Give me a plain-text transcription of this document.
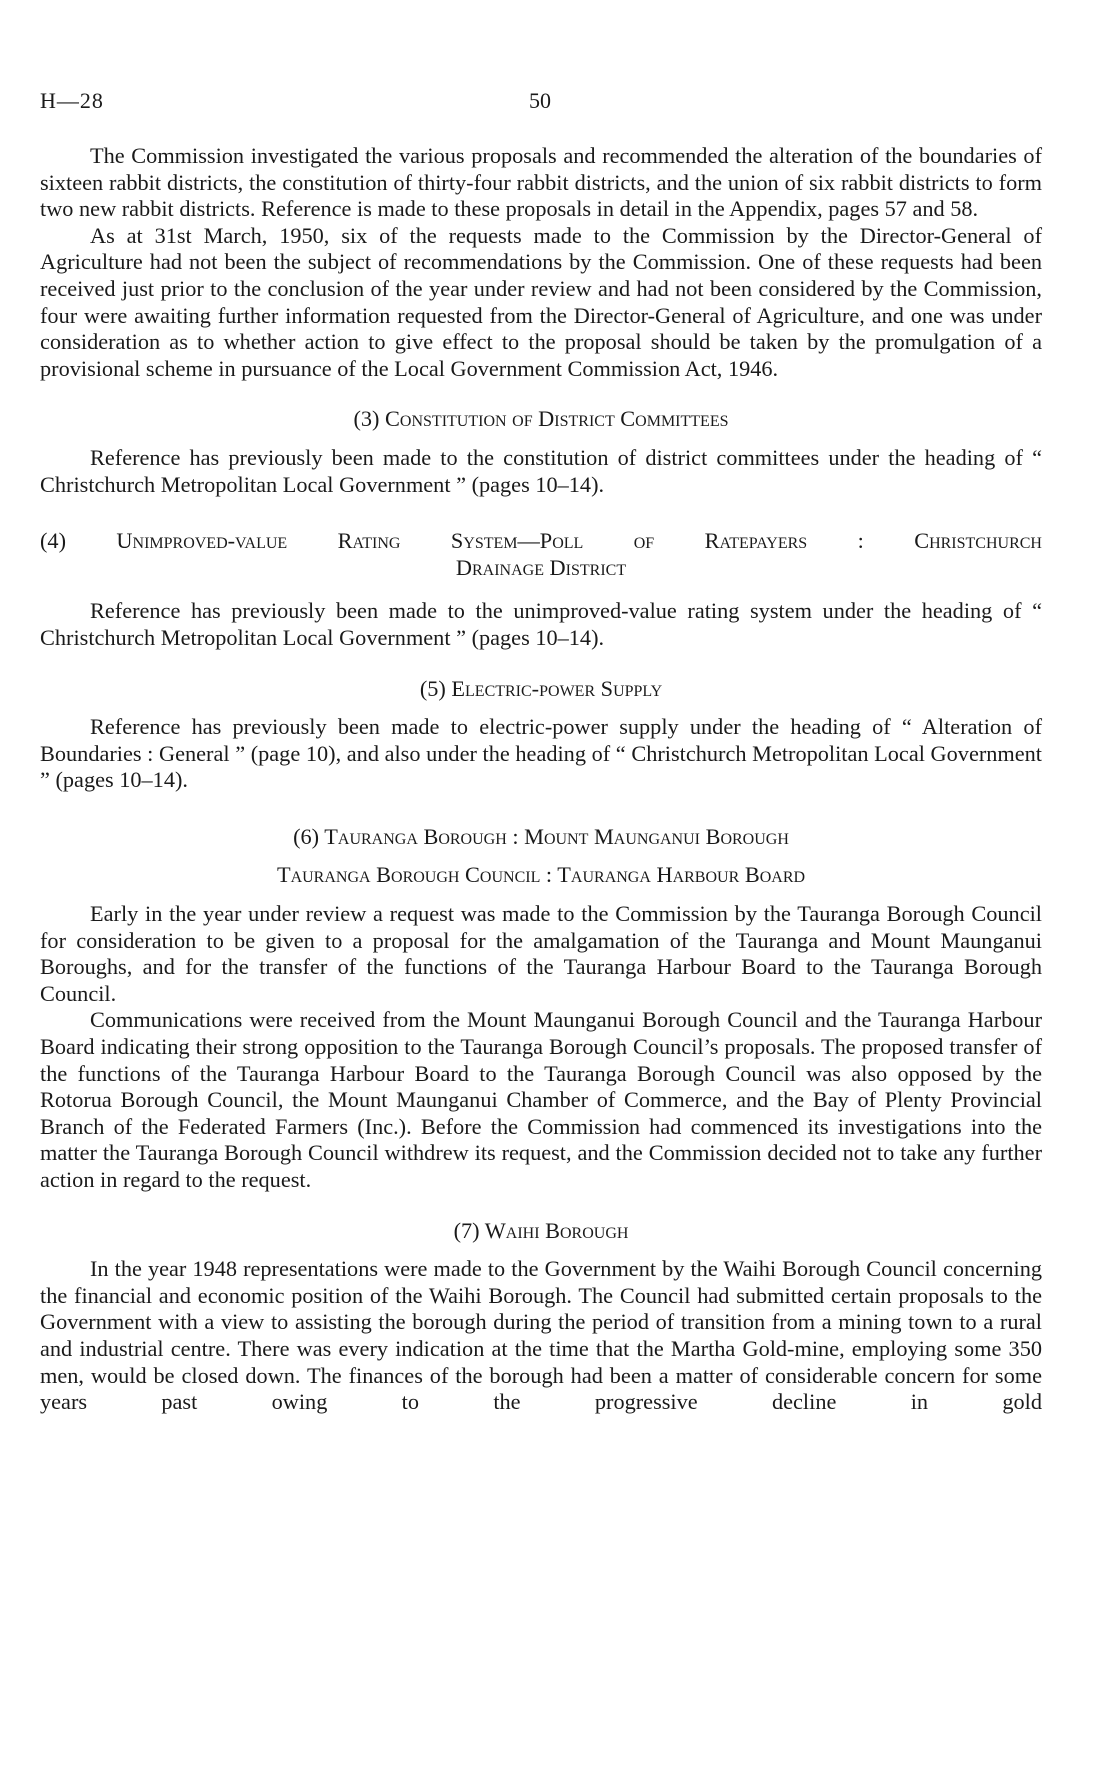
H—28	50

The Commission investigated the various proposals and recommended the alteration of the boundaries of sixteen rabbit districts, the constitution of thirty-four rabbit districts, and the union of six rabbit districts to form two new rabbit districts. Reference is made to these proposals in detail in the Appendix, pages 57 and 58.

As at 31st March, 1950, six of the requests made to the Commission by the Director-General of Agriculture had not been the subject of recommendations by the Commission. One of these requests had been received just prior to the conclusion of the year under review and had not been considered by the Commission, four were awaiting further information requested from the Director-General of Agriculture, and one was under consideration as to whether action to give effect to the proposal should be taken by the promulgation of a provisional scheme in pursuance of the Local Government Commission Act, 1946.

(3) Constitution of District Committees

Reference has previously been made to the constitution of district committees under the heading of “ Christchurch Metropolitan Local Government ” (pages 10–14).

(4) Unimproved-value Rating System—Poll of Ratepayers : Christchurch
Drainage District

Reference has previously been made to the unimproved-value rating system under the heading of “ Christchurch Metropolitan Local Government ” (pages 10–14).

(5) Electric-power Supply

Reference has previously been made to electric-power supply under the heading of “ Alteration of Boundaries : General ” (page 10), and also under the heading of “ Christchurch Metropolitan Local Government ” (pages 10–14).

(6) Tauranga Borough : Mount Maunganui Borough
Tauranga Borough Council : Tauranga Harbour Board

Early in the year under review a request was made to the Commission by the Tauranga Borough Council for consideration to be given to a proposal for the amalgamation of the Tauranga and Mount Maunganui Boroughs, and for the transfer of the functions of the Tauranga Harbour Board to the Tauranga Borough Council.

Communications were received from the Mount Maunganui Borough Council and the Tauranga Harbour Board indicating their strong opposition to the Tauranga Borough Council’s proposals. The proposed transfer of the functions of the Tauranga Harbour Board to the Tauranga Borough Council was also opposed by the Rotorua Borough Council, the Mount Maunganui Chamber of Commerce, and the Bay of Plenty Provincial Branch of the Federated Farmers (Inc.). Before the Commission had commenced its investigations into the matter the Tauranga Borough Council withdrew its request, and the Commission decided not to take any further action in regard to the request.

(7) Waihi Borough

In the year 1948 representations were made to the Government by the Waihi Borough Council concerning the financial and economic position of the Waihi Borough. The Council had submitted certain proposals to the Government with a view to assisting the borough during the period of transition from a mining town to a rural and industrial centre. There was every indication at the time that the Martha Gold-mine, employing some 350 men, would be closed down. The finances of the borough had been a matter of considerable concern for some years past owing to the progressive decline in gold
